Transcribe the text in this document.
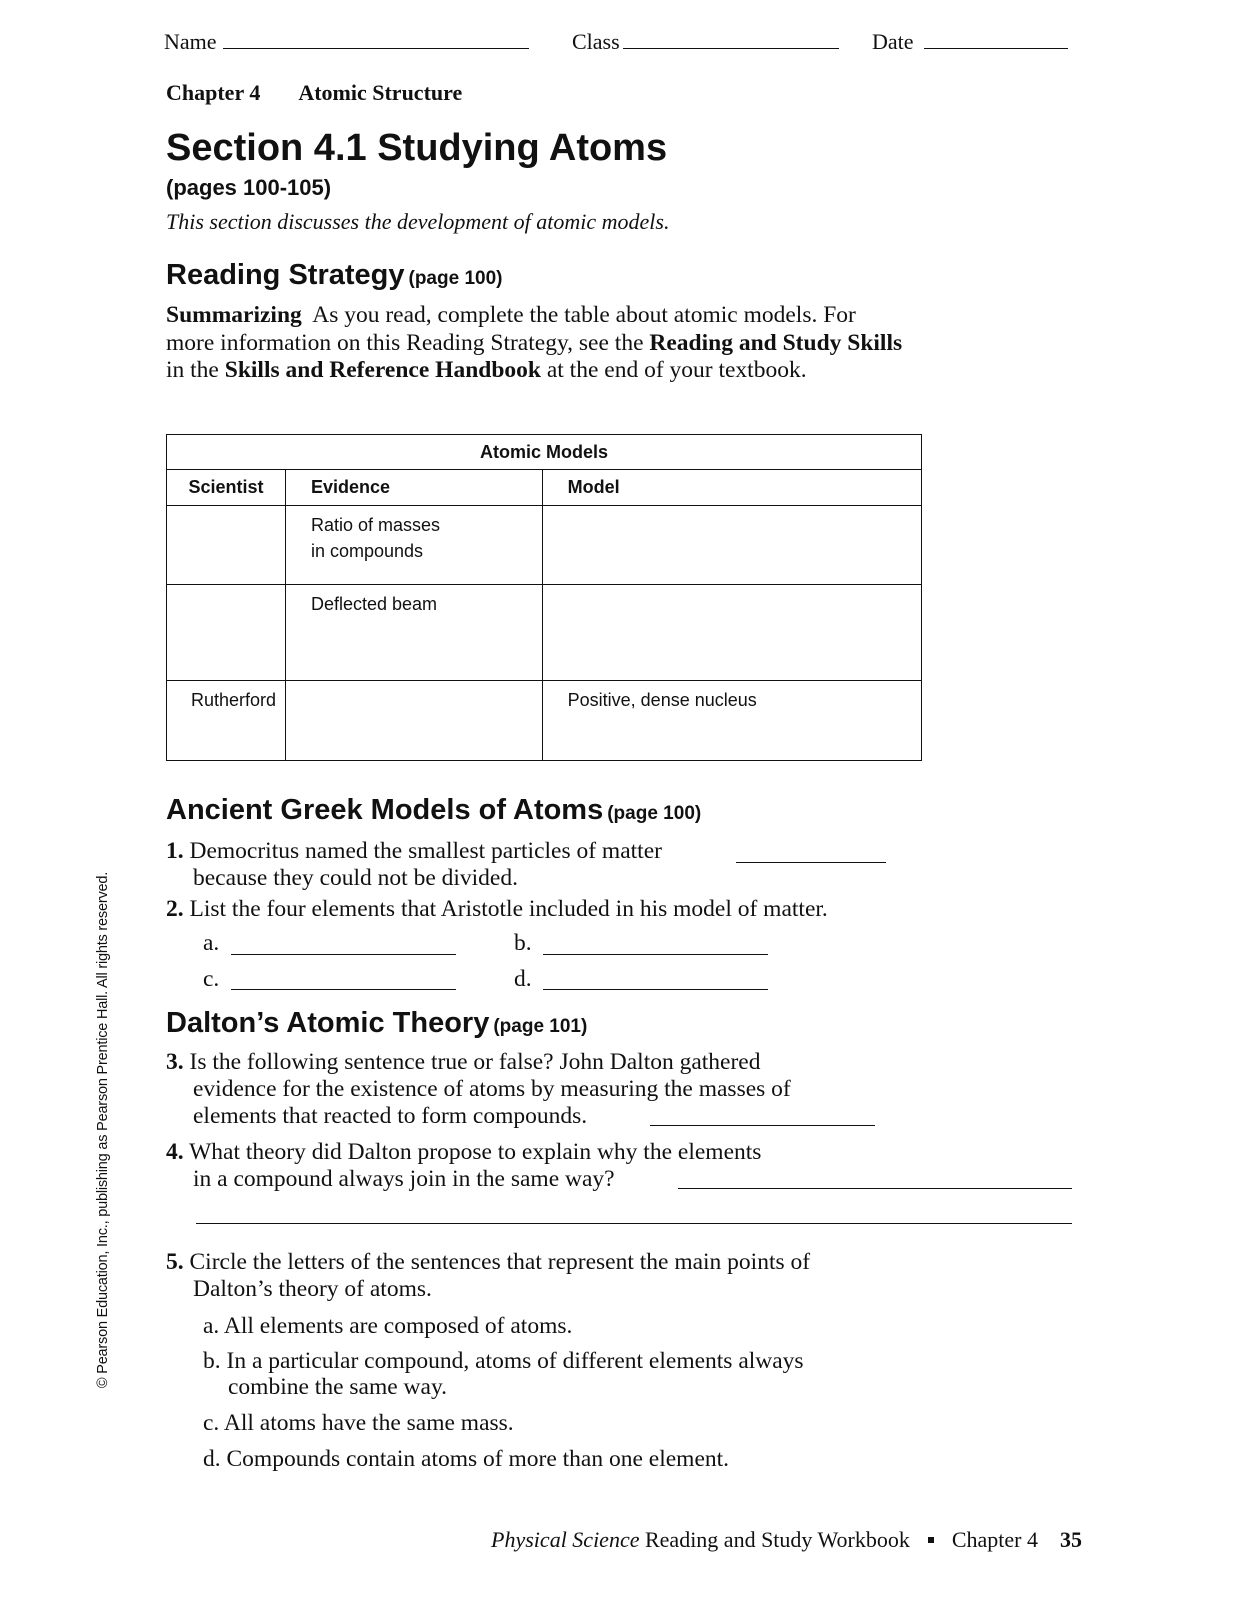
Name	Class	Date
Chapter 4 Atomic Structure
Section 4.1 Studying Atoms
(pages 100-105)
This section discusses the development of atomic models.
Reading Strategy (page 100)
Summarizing  As you read, complete the table about atomic models. For more information on this Reading Strategy, see the Reading and Study Skills in the Skills and Reference Handbook at the end of your textbook.
Atomic Models		
Scientist	Evidence	Model
	Ratio of masses
in compounds	
	Deflected beam	
Rutherford		Positive, dense nucleus
Ancient Greek Models of Atoms (page 100)
1. Democritus named the smallest particles of matter
because they could not be divided.
2. List the four elements that Aristotle included in his model of matter.
a.	b.
c.	d.
Dalton’s Atomic Theory (page 101)
3. Is the following sentence true or false? John Dalton gathered
evidence for the existence of atoms by measuring the masses of
elements that reacted to form compounds.
4. What theory did Dalton propose to explain why the elements
in a compound always join in the same way?
5. Circle the letters of the sentences that represent the main points of
Dalton’s theory of atoms.
a. All elements are composed of atoms.
b. In a particular compound, atoms of different elements always
combine the same way.
c. All atoms have the same mass.
d. Compounds contain atoms of more than one element.
© Pearson Education, Inc., publishing as Pearson Prentice Hall. All rights reserved.
Physical Science Reading and Study Workbook Chapter 4 35
